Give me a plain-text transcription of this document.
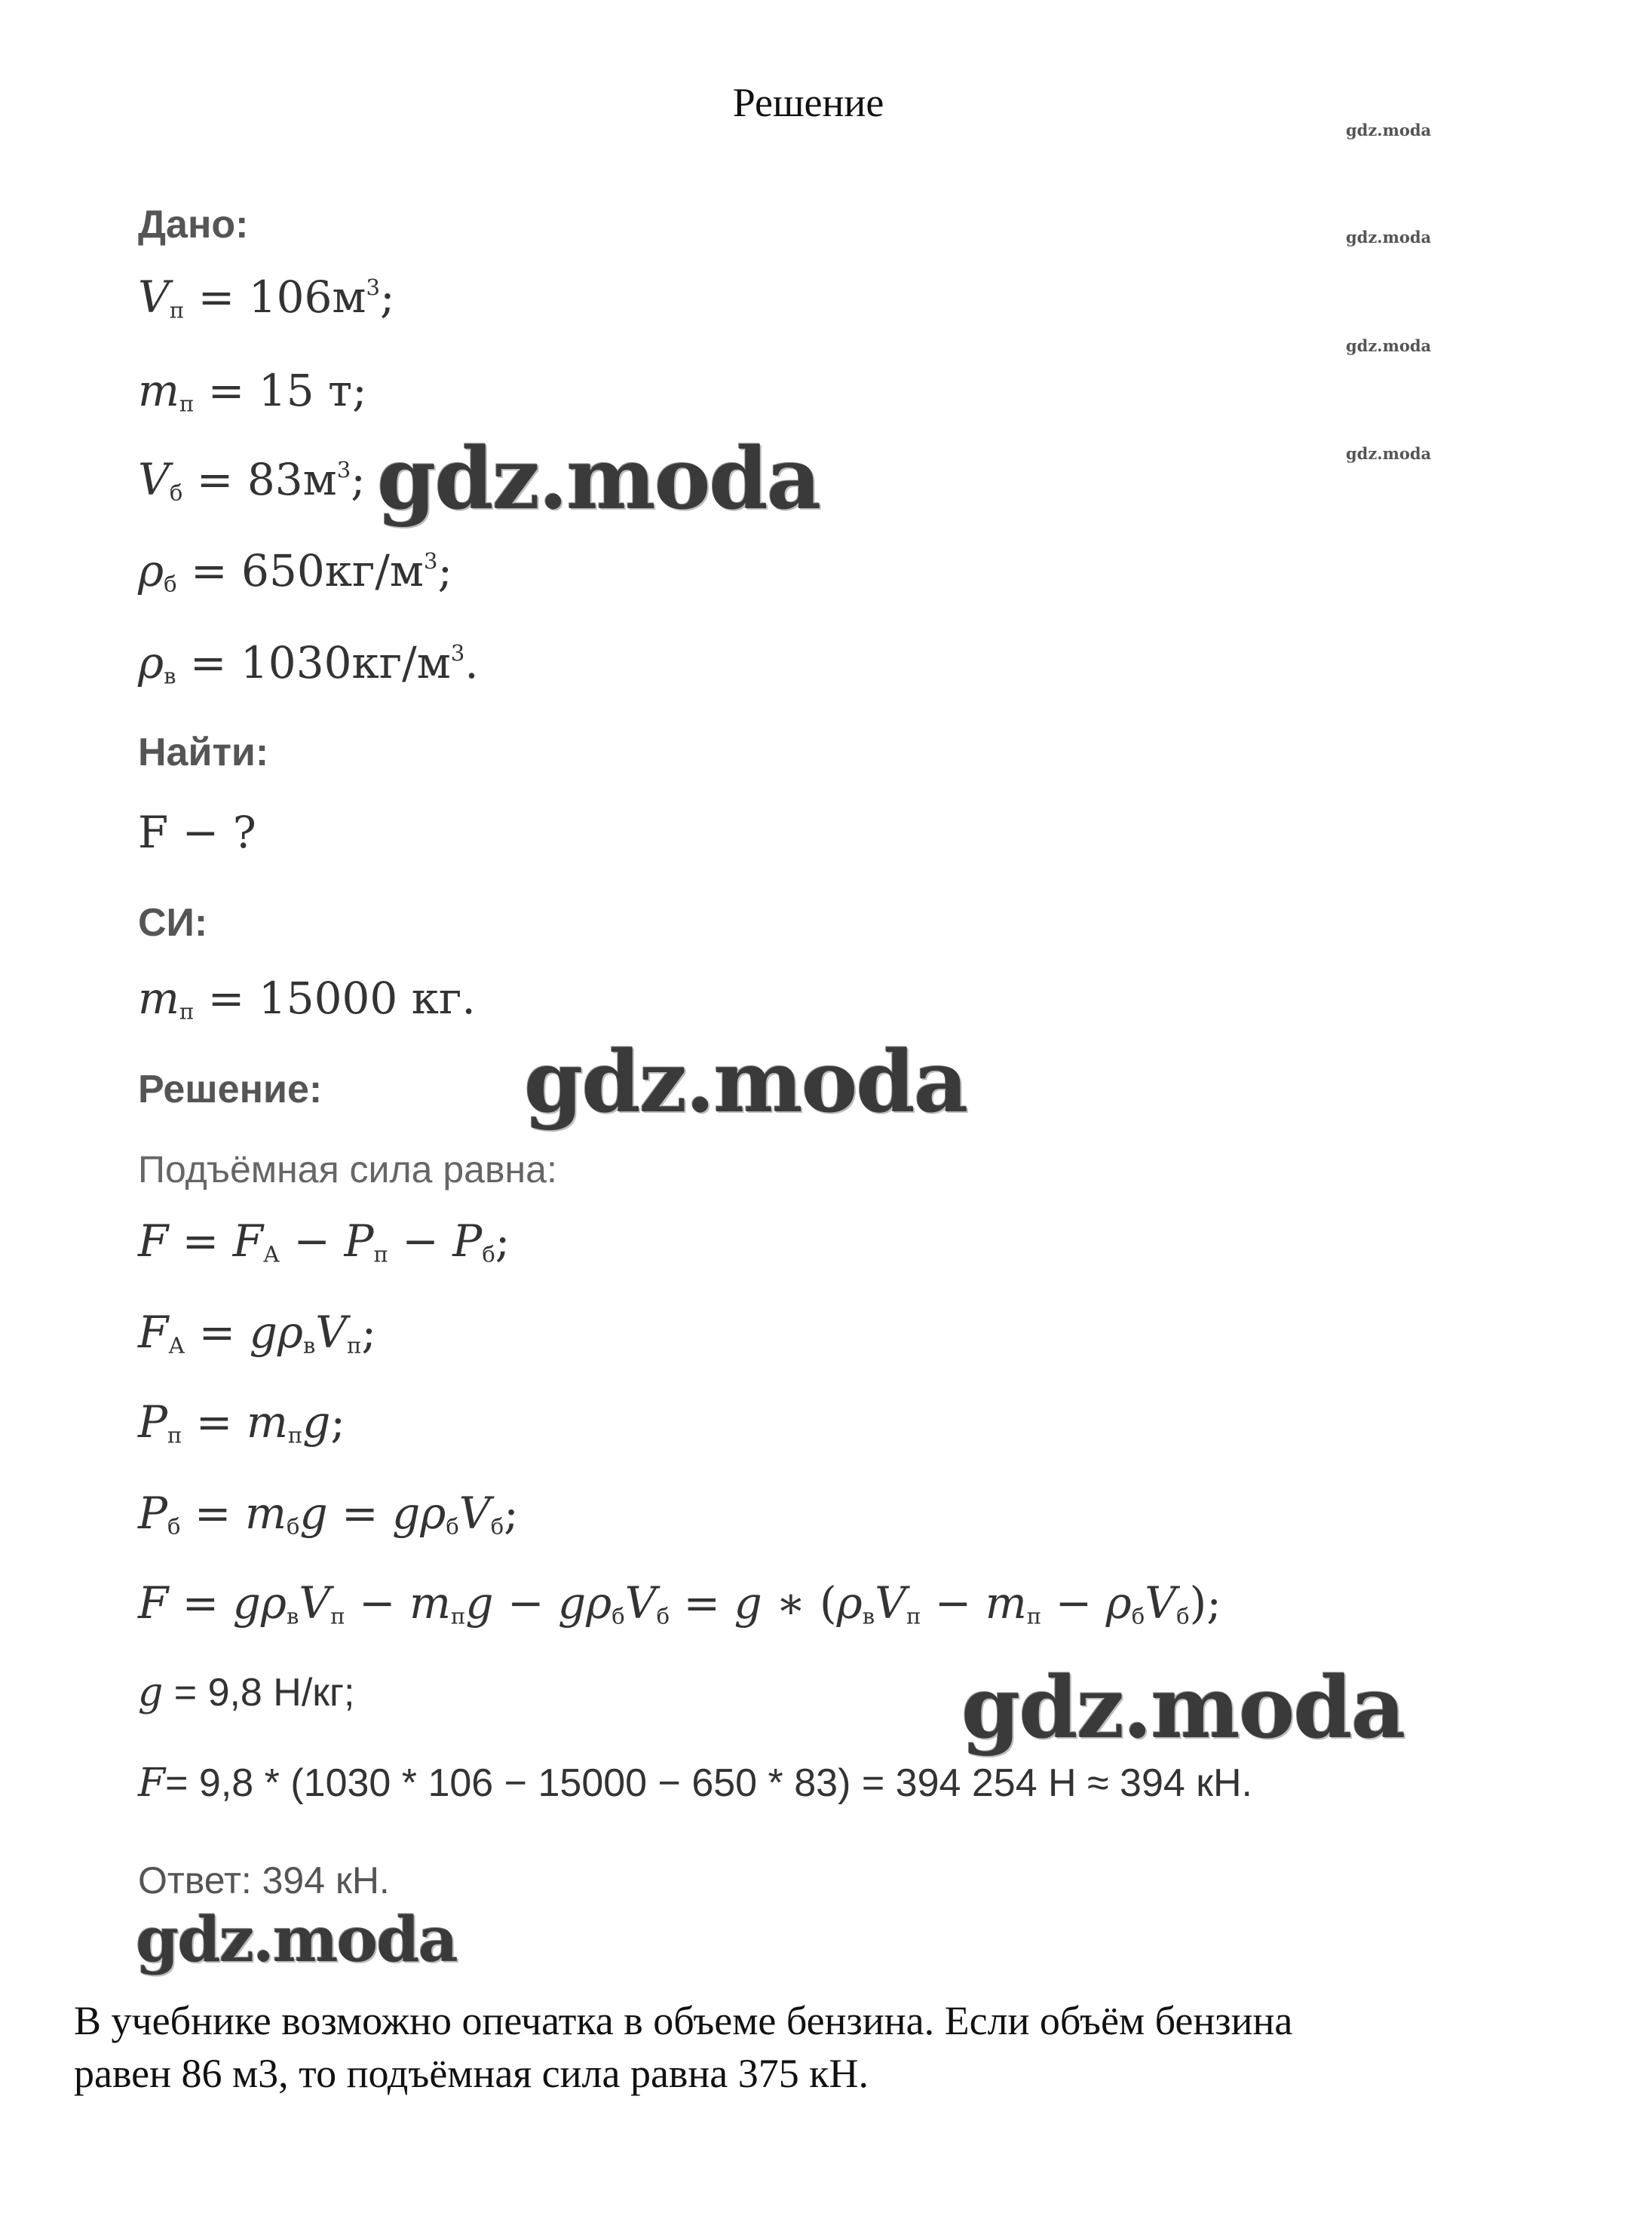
Решение
gdz.moda
gdz.moda
gdz.moda
gdz.moda
Дано:
$V_п = 106м^3$;
$m_п = 15$ т;
$V_б = 83м^3$;
$\rho_б = 650кг/м^3$;
$\rho_в = 1030кг/м^3$.
Найти:
F − ?
СИ:
$m_п = 15000$ кг.
Решение:
Подъёмная сила равна:
$F = F_А - P_п - P_б$;
$F_А = g\rho_вV_п$;
$P_п = m_пg$;
$P_б = m_бg = g\rho_бV_б$;
$F = g\rho_вV_п - m_пg - g\rho_бV_б = g$ ∗ $(\rho_вV_п - m_п - \rho_бV_б)$;
g = 9,8 Н/кг;
F= 9,8 * (1030 * 106 − 15000 − 650 * 83) = 394 254 Н ≈ 394 кН.
Ответ: 394 кН.
gdz.moda
gdz.moda
gdz.moda
gdz.moda
В учебнике возможно опечатка в объеме бензина. Если объём бензина
равен 86 м3, то подъёмная сила равна 375 кН.
